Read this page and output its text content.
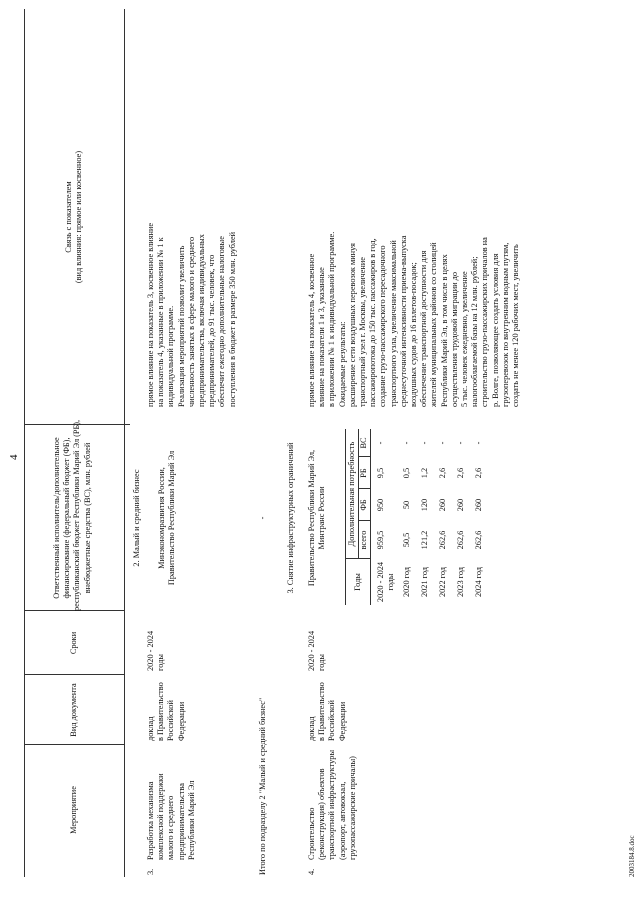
4
Мероприятие
Вид документа
Сроки
Ответственный исполнитель/дополнительное финансирование (федеральный бюджет (ФБ), республиканский бюджет Республики Марий Эл (РБ), внебюджетные средства (ВС), млн. рублей
Связь с показателем (вид влияния: прямое или косвенное)
2. Малый и средний бизнес
3.
Разработка механизма комплексной поддержки малого и среднего предпринимательства Республики Марий Эл
доклад в Правительство Российской Федерации
2020 - 2024 годы
Минэкономразвития России, Правительство Республики Марий Эл
прямое влияние на показатель 3, косвенное влияние на показатель 4, указанные в приложении № 1 к индивидуальной программе. Реализация мероприятий позволит увеличить численность занятых в сфере малого и среднего предпринимательства, включая индивидуальных предпринимателей, до 91 тыс. человек, что обеспечит ежегодно дополнительные налоговые поступления в бюджет в размере 350 млн. рублей
Итого по подразделу 2 "Малый и средний бизнес"
- 3. Снятие инфраструктурных ограничений
4.
Строительство (реконструкция) объектов транспортной инфраструктуры (аэропорт, автовокзал, грузопассажирские причалы)
доклад в Правительство Российской Федерации
2020 - 2024 годы
Правительство Республики Марий Эл, Минтранс России
прямое влияние на показатель 4, косвенное влияние на показатели 1 и 3, указанные в приложении № 1 к индивидуальной программе. Ожидаемые результаты: расширение сети воздушных перевозок минуя транспортный узел г. Москвы, увеличение пассажиропотока до 150 тыс. пассажиров в год, создание грузо-пассажирского пересадочного транспортного узла, увеличение максимальной среднесуточной интенсивности приема-выпуска воздушных судов до 16 взлетов-посадок; обеспечение транспортной доступности для жителей муниципальных районов со столицей Республики Марий Эл, в том числе в целях осуществления трудовой миграции до 5 тыс. человек ежедневно, увеличение налогооблагаемой базы на 12 млн. рублей; строительство грузо-пассажирских причалов на р. Волге, позволяющее создать условия для грузоперевозок по внутренним водным путям, создать не менее 120 рабочих мест, увеличить
Годы
Дополнительная потребность всего
ФБ
РБ
ВС
2020 - 2024 годы
959,5
950
9,5
-
2020 год
50,5
50
0,5
-
2021 год
121,2
120
1,2
-
2022 год
262,6
260
2,6
-
2023 год
262,6
260
2,6
-
2024 год
262,6
260
2,6
-
2003184.8.doc
